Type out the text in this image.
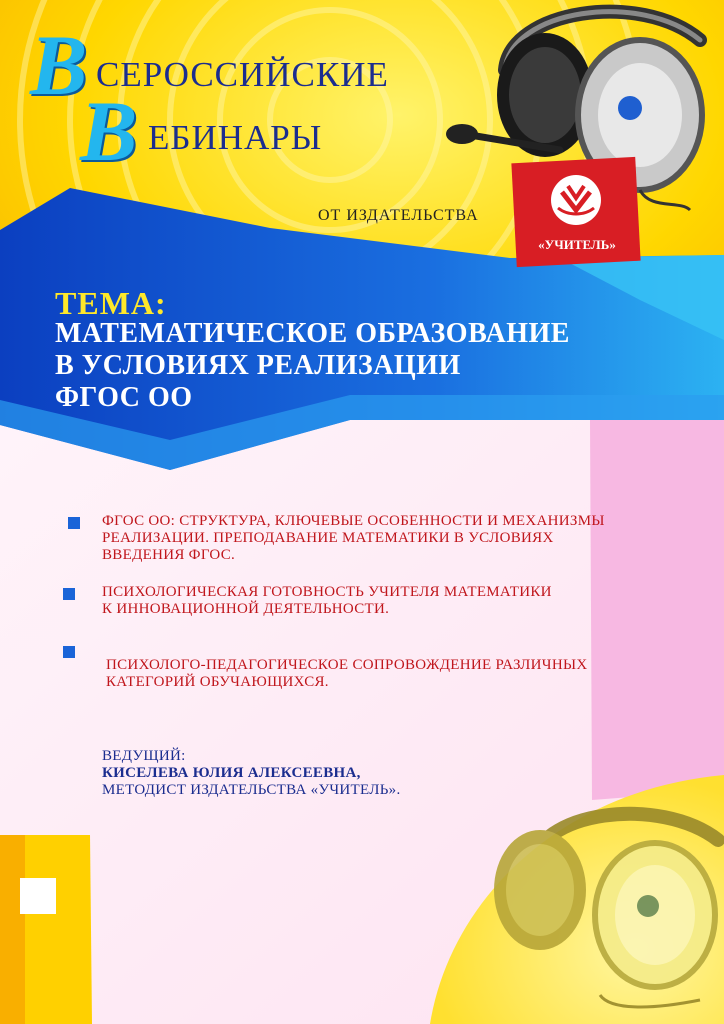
В СЕРОССИЙСКИЕ
В ЕБИНАРЫ
ОТ ИЗДАТЕЛЬСТВА
«УЧИТЕЛЬ»
ТЕМА:
МАТЕМАТИЧЕСКОЕ ОБРАЗОВАНИЕ
В УСЛОВИЯХ РЕАЛИЗАЦИИ
ФГОС ОО
ФГОС ОО: СТРУКТУРА, КЛЮЧЕВЫЕ ОСОБЕННОСТИ И МЕХАНИЗМЫ
РЕАЛИЗАЦИИ. ПРЕПОДАВАНИЕ МАТЕМАТИКИ В УСЛОВИЯХ
ВВЕДЕНИЯ ФГОС.
ПСИХОЛОГИЧЕСКАЯ ГОТОВНОСТЬ УЧИТЕЛЯ МАТЕМАТИКИ
К ИННОВАЦИОННОЙ ДЕЯТЕЛЬНОСТИ.
ПСИХОЛОГО-ПЕДАГОГИЧЕСКОЕ СОПРОВОЖДЕНИЕ РАЗЛИЧНЫХ
КАТЕГОРИЙ ОБУЧАЮЩИХСЯ.
ВЕДУЩИЙ:
КИСЕЛЕВА ЮЛИЯ АЛЕКСЕЕВНА,
МЕТОДИСТ ИЗДАТЕЛЬСТВА «УЧИТЕЛЬ».
